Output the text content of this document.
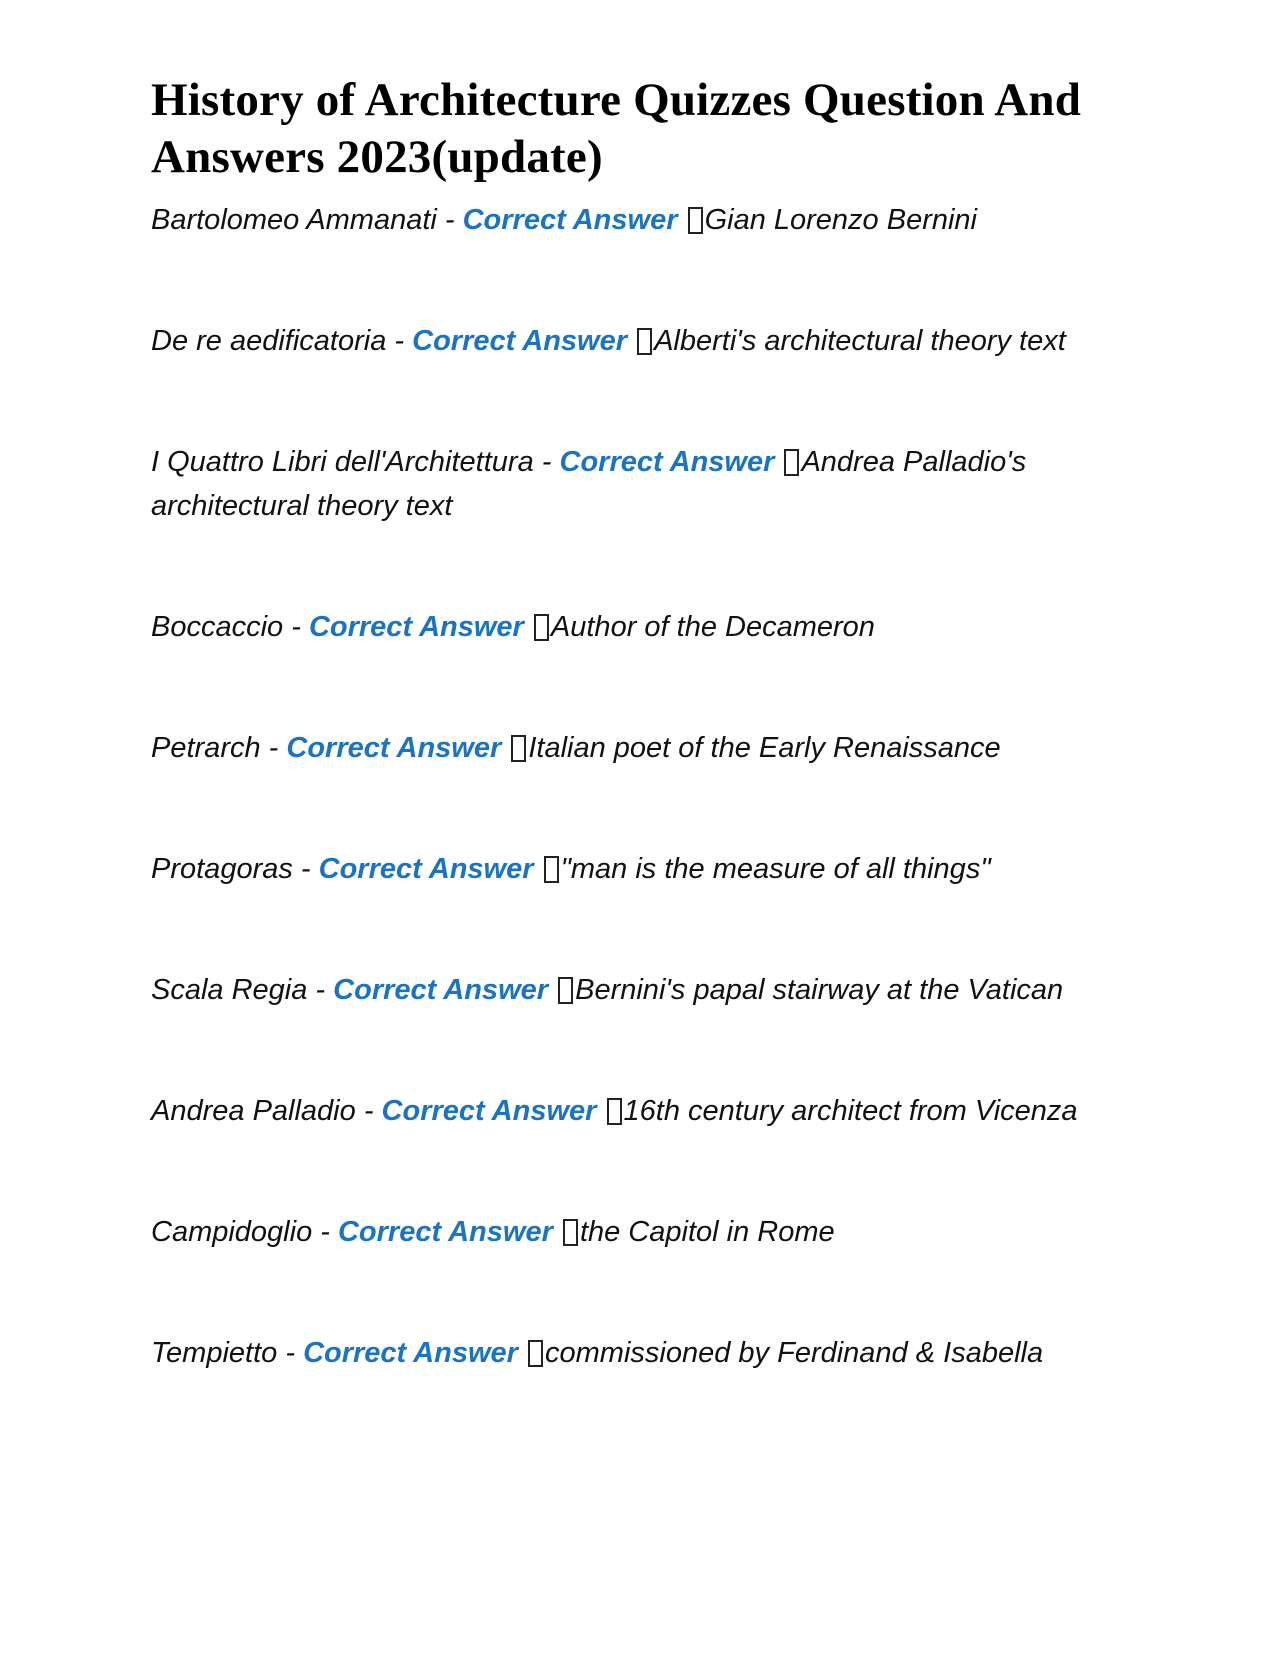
History of Architecture Quizzes Question And Answers 2023(update)
Bartolomeo Ammanati - Correct Answer Gian Lorenzo Bernini
De re aedificatoria - Correct Answer Alberti's architectural theory text
I Quattro Libri dell'Architettura - Correct Answer Andrea Palladio's architectural theory text
Boccaccio - Correct Answer Author of the Decameron
Petrarch - Correct Answer Italian poet of the Early Renaissance
Protagoras - Correct Answer "man is the measure of all things"
Scala Regia - Correct Answer Bernini's papal stairway at the Vatican
Andrea Palladio - Correct Answer 16th century architect from Vicenza
Campidoglio - Correct Answer the Capitol in Rome
Tempietto - Correct Answer commissioned by Ferdinand & Isabella
